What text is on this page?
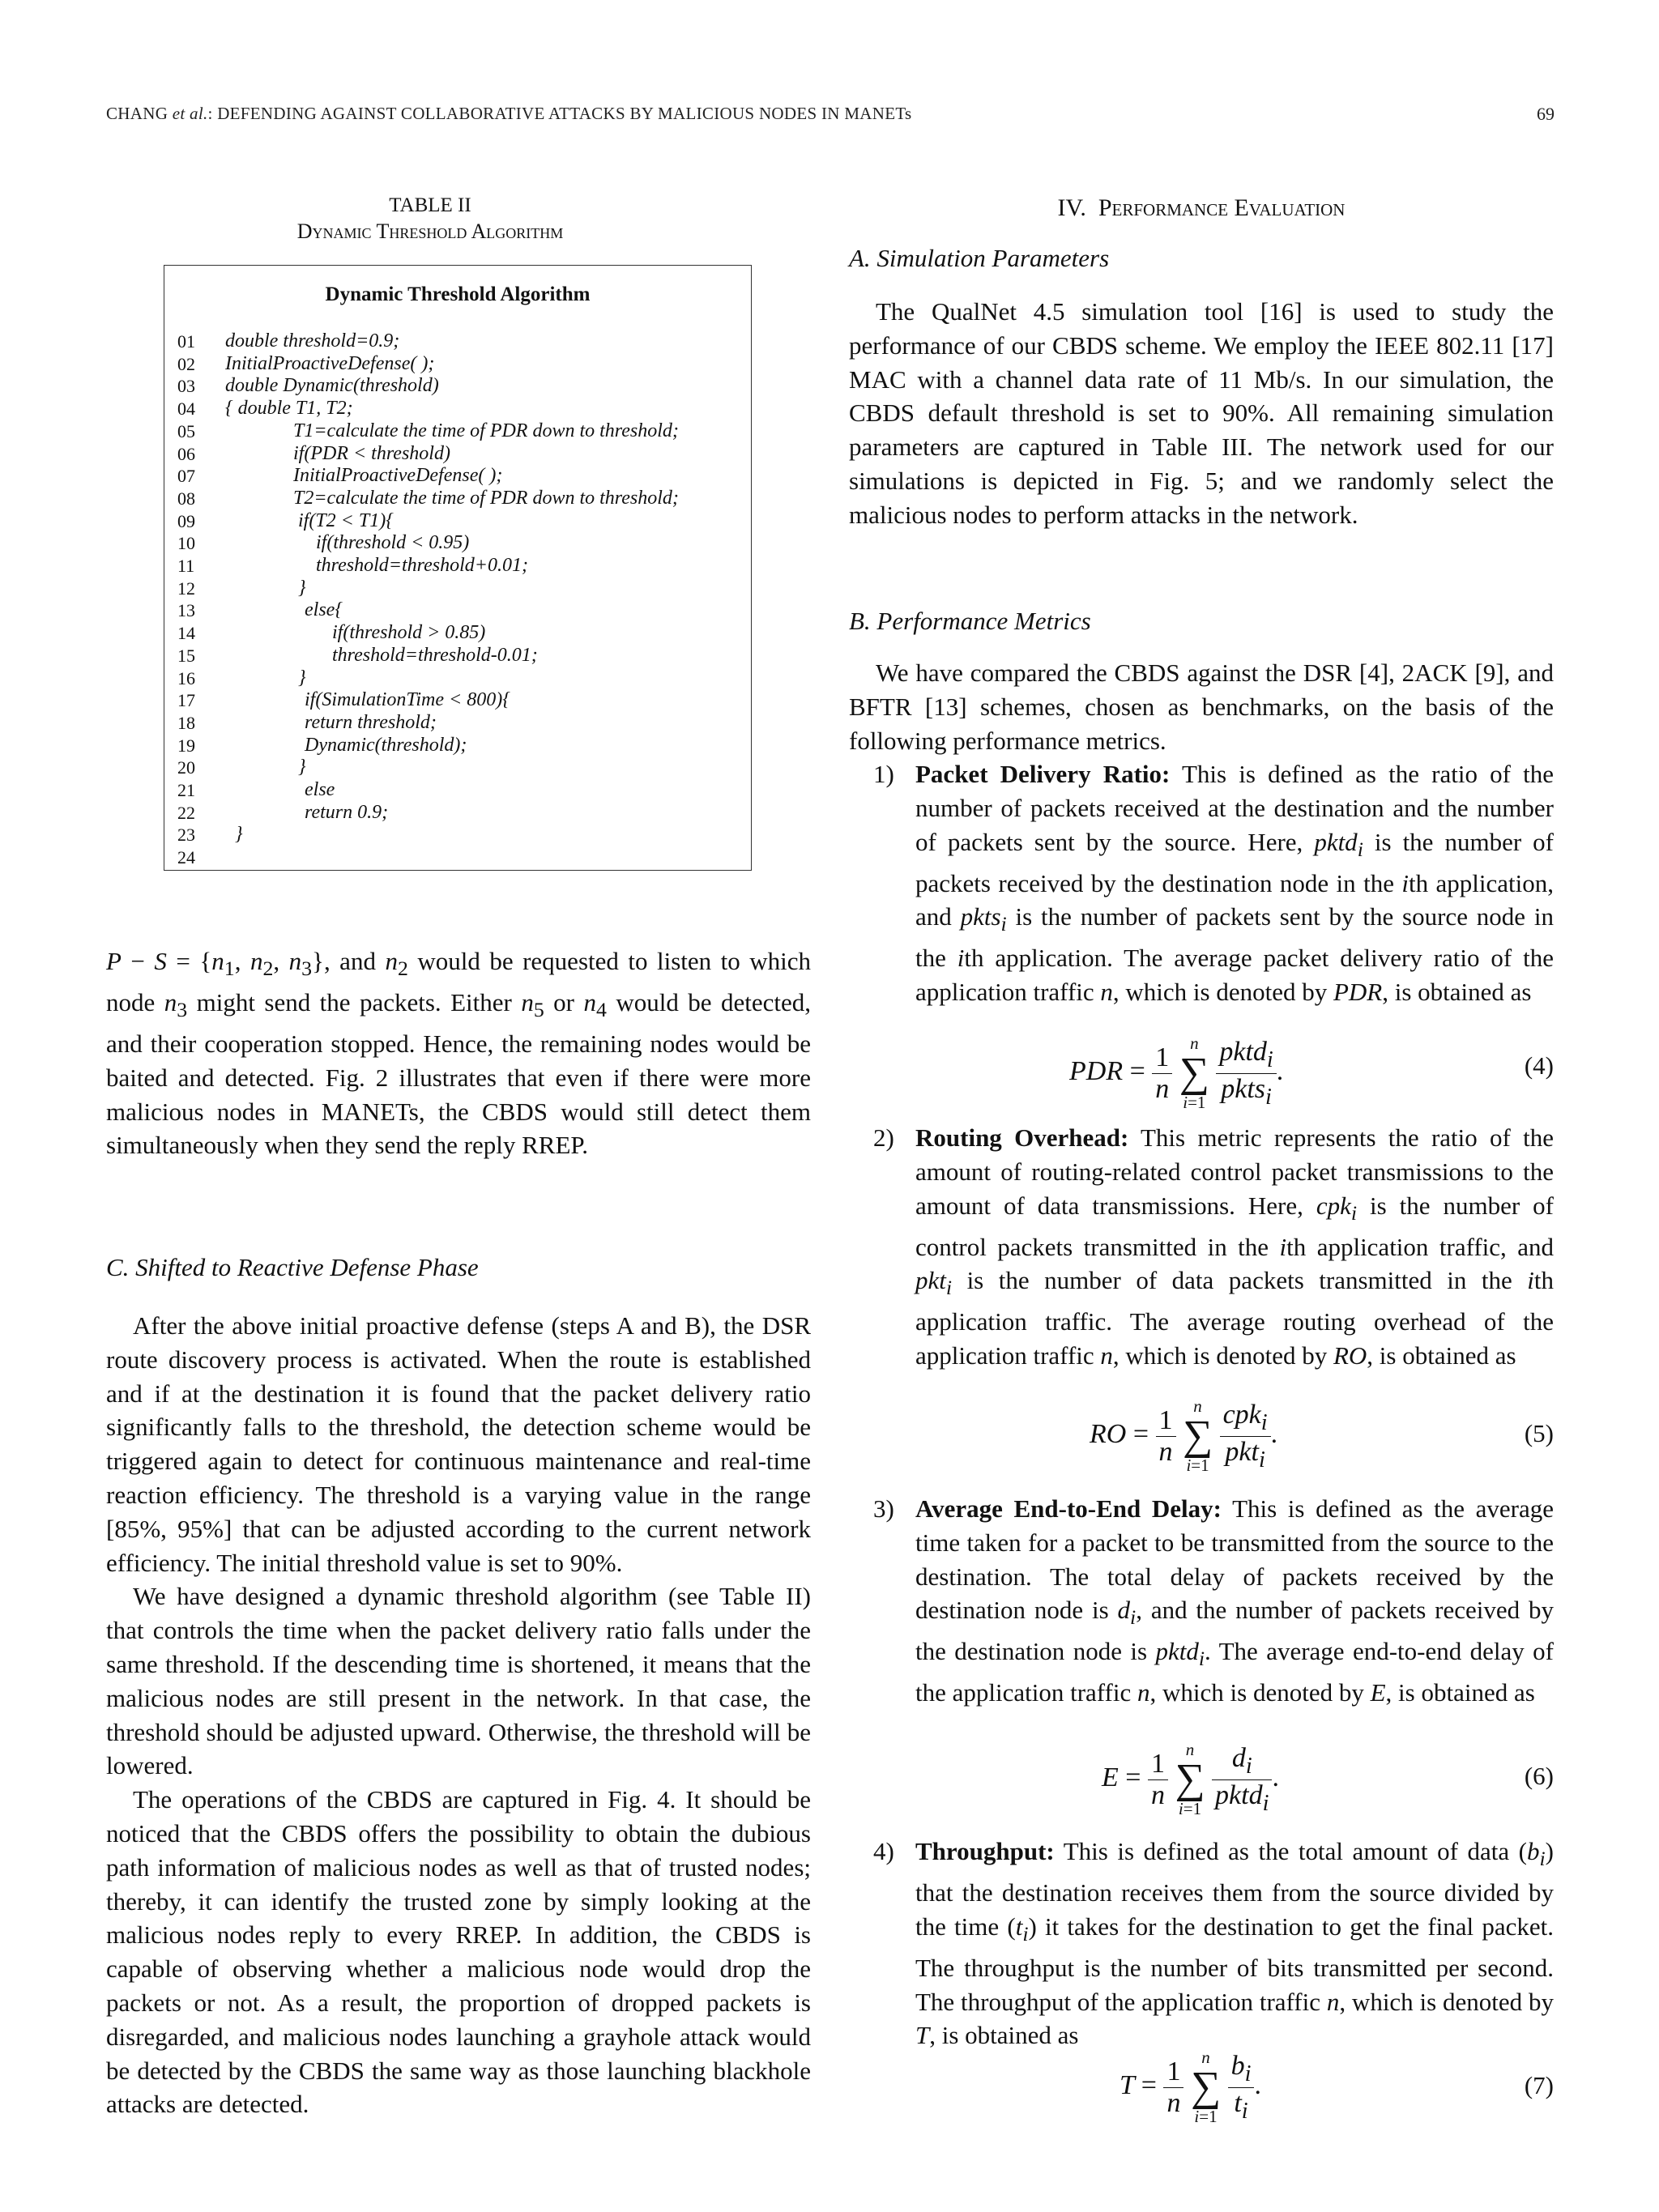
CHANG et al.: DEFENDING AGAINST COLLABORATIVE ATTACKS BY MALICIOUS NODES IN MANETs	69
TABLE II
Dynamic Threshold Algorithm
Dynamic Threshold Algorithm
01 double threshold=0.9;
02 InitialProactiveDefense( );
03 double Dynamic(threshold)
04 { double T1, T2;
05	T1=calculate the time of PDR down to threshold;
06	if(PDR < threshold)
07	InitialProactiveDefense( );
08	T2=calculate the time of PDR down to threshold;
09	if(T2 < T1){
10	if(threshold < 0.95)
11	threshold=threshold+0.01;
12	}
13	else{
14	if(threshold > 0.85)
15	threshold=threshold-0.01;
16	}
17	if(SimulationTime < 800){
18	return threshold;
19	Dynamic(threshold);
20	}
21	else
22	return 0.9;
23 }
24

$P - S = \{n_1$, $n_2$, $n_3$}, and $n_2$ would be requested to listen to which node $n_3$ might send the packets. Either $n_5$ or $n_4$ would be detected, and their cooperation stopped. Hence, the remaining nodes would be baited and detected. Fig. 2 illustrates that even if there were more malicious nodes in MANETs, the CBDS would still detect them simultaneously when they send the reply RREP.

C. Shifted to Reactive Defense Phase

After the above initial proactive defense (steps A and B), the DSR route discovery process is activated. When the route is established and if at the destination it is found that the packet delivery ratio significantly falls to the threshold, the detection scheme would be triggered again to detect for continuous maintenance and real-time reaction efficiency. The threshold is a varying value in the range [85%, 95%] that can be adjusted according to the current network efficiency. The initial threshold value is set to 90%.

We have designed a dynamic threshold algorithm (see Table II) that controls the time when the packet delivery ratio falls under the same threshold. If the descending time is shortened, it means that the malicious nodes are still present in the network. In that case, the threshold should be adjusted upward. Otherwise, the threshold will be lowered.

The operations of the CBDS are captured in Fig. 4. It should be noticed that the CBDS offers the possibility to obtain the dubious path information of malicious nodes as well as that of trusted nodes; thereby, it can identify the trusted zone by simply looking at the malicious nodes reply to every RREP. In addition, the CBDS is capable of observing whether a malicious node would drop the packets or not. As a result, the proportion of dropped packets is disregarded, and malicious nodes launching a grayhole attack would be detected by the CBDS the same way as those launching blackhole attacks are detected.

IV. Performance Evaluation
A. Simulation Parameters

The QualNet 4.5 simulation tool [16] is used to study the performance of our CBDS scheme. We employ the IEEE 802.11 [17] MAC with a channel data rate of 11 Mb/s. In our simulation, the CBDS default threshold is set to 90%. All remaining simulation parameters are captured in Table III. The network used for our simulations is depicted in Fig. 5; and we randomly select the malicious nodes to perform attacks in the network.

B. Performance Metrics

We have compared the CBDS against the DSR [4], 2ACK [9], and BFTR [13] schemes, chosen as benchmarks, on the basis of the following performance metrics.

1) Packet Delivery Ratio: This is defined as the ratio of the number of packets received at the destination and the number of packets sent by the source. Here, pktd$_i$ is the number of packets received by the destination node in the ith application, and pkts$_i$ is the number of packets sent by the source node in the ith application. The average packet delivery ratio of the application traffic n, which is denoted by PDR, is obtained as
PDR = $\frac{1}{n}$
	n
∑
i=1
$\frac{pktd_i}{pkts_i}$ .	(4)
2) Routing Overhead: This metric represents the ratio of the amount of routing-related control packet transmissions to the amount of data transmissions. Here, cpk$_i$ is the number of control packets transmitted in the ith application traffic, and pkt$_i$ is the number of data packets transmitted in the ith application traffic. The average routing overhead of the application traffic n, which is denoted by RO, is obtained as
RO = $\frac{1}{n}$
	n
∑
i=1
$\frac{cpk_i}{pkt_i}$ .	(5)
3) Average End-to-End Delay: This is defined as the average time taken for a packet to be transmitted from the source to the destination. The total delay of packets received by the destination node is $d_i$, and the number of packets received by the destination node is pktd$_i$. The average end-to-end delay of the application traffic n, which is denoted by E, is obtained as
$E = \frac{1}{n}$
	n
∑
i=1
$\frac{d_i}{pktd_i}$ .	(6)
4) Throughput: This is defined as the total amount of data $(b_i)$ that the destination receives them from the source divided by the time $(t_i)$ it takes for the destination to get the final packet. The throughput is the number of bits transmitted per second. The throughput of the application traffic n, which is denoted by T, is obtained as
$T = \frac{1}{n}$
	n
∑
i=1
$\frac{b_i}{t_i}$ .	(7)
